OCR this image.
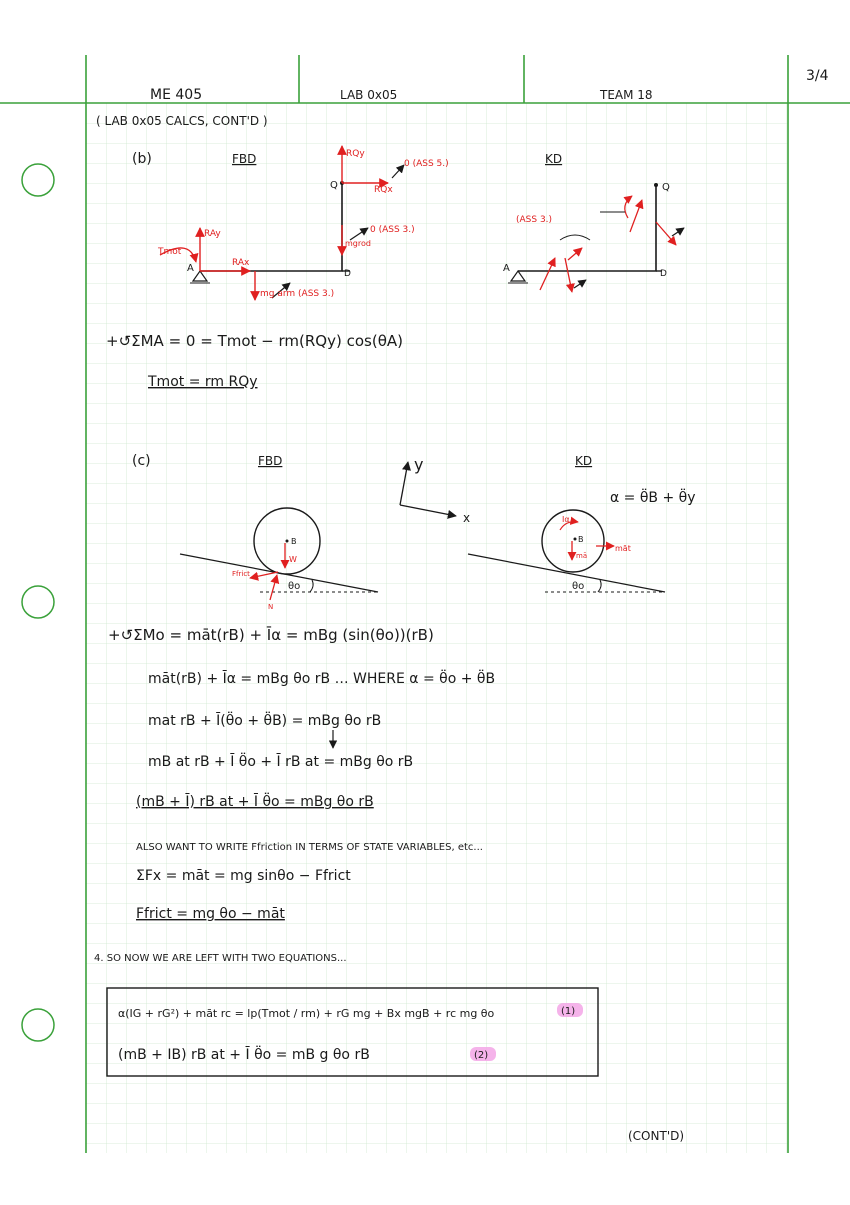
ME 405	LAB 0x05	TEAM 18
3/4
( LAB 0x05 CALCS, CONT'D )
(b)	FBD	KD
A
Q
D
Tmot
RAy
RAx
RQy
RQx
mgrod
mg arm (ASS 3.)
0 (ASS 3.)
0 (ASS 5.)
A
Q
D
(ASS 3.)
+↺ΣMA = 0 = Tmot − rm(RQy) cos(θA)
Tmot = rm RQy
(c)	FBD	KD
y
x
α = θ̈B + θ̈y
B
W
Ffrict
N
θo
B
Iα
mā
māt
θo
+↺ΣMo = māt(rB) + Īα = mBg (sin(θo))(rB)
māt(rB) + Īα = mBg θo rB … WHERE α = θ̈o + θ̈B
mat rB + Ī(θ̈o + θ̈B) = mBg θo rB
mB at rB + Ī θ̈o + Ī rB at = mBg θo rB
(mB + Ī) rB at + Ī θ̈o = mBg θo rB
ALSO WANT TO WRITE Ffriction IN TERMS OF STATE VARIABLES, etc...
ΣFx = māt = mg sinθo − Ffrict
Ffrict = mg θo − māt
4. SO NOW WE ARE LEFT WITH TWO EQUATIONS...
α(IG + rG²) + māt rc = lp(Tmot / rm) + rG mg + Bx mgB + rc mg θo	(1)
(mB + IB) rB at + Ī θ̈o = mB g θo rB	(2)
(CONT'D)
